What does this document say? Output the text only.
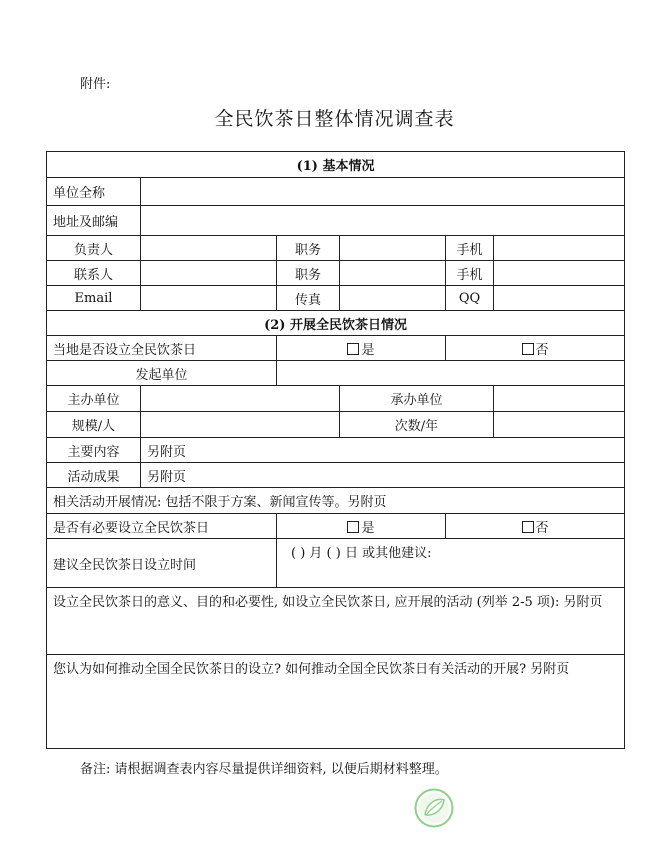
附件:
全民饮茶日整体情况调查表
(1) 基本情况					
单位全称					
地址及邮编					
负责人		职务		手机	
联系人		职务		手机	
Email		传真		QQ	
(2) 开展全民饮茶日情况					
当地是否设立全民饮茶日		是		否	
发起单位					
主办单位			承办单位		
规模/人			次数/年		
主要内容	另附页				
活动成果	另附页				
相关活动开展情况: 包括不限于方案、新闻宣传等。另附页					
是否有必要设立全民饮茶日		是		否	
建议全民饮茶日设立时间		( ) 月 ( ) 日 或其他建议:			
设立全民饮茶日的意义、目的和必要性, 如设立全民饮茶日, 应开展的活动 (列举 2-5 项): 另附页					
您认为如何推动全国全民饮茶日的设立? 如何推动全国全民饮茶日有关活动的开展? 另附页					
备注: 请根据调查表内容尽量提供详细资料, 以便后期材料整理。
